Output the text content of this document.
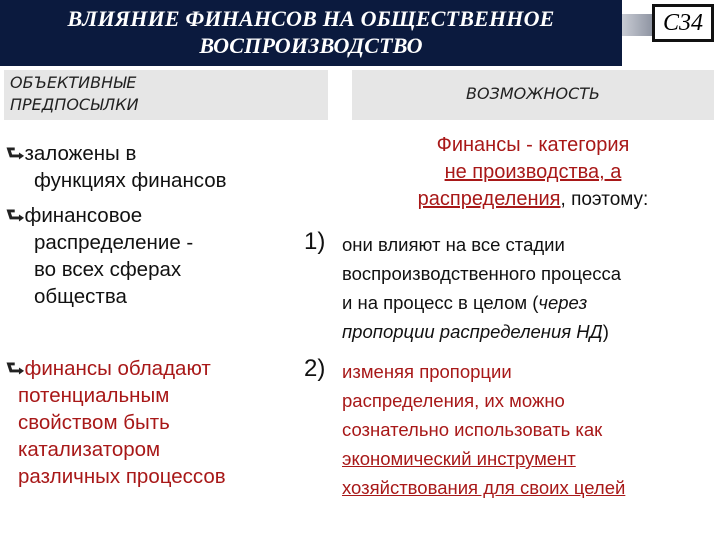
ВЛИЯНИЕ ФИНАНСОВ НА ОБЩЕСТВЕННОЕ
ВОСПРОИЗВОДСТВО
С34
ОБЪЕКТИВНЫЕ
ПРЕДПОСЫЛКИ
ВОЗМОЖНОСТЬ
⮑заложены в
функциях финансов
⮑финансовое
распределение -
во всех сферах
общества
⮑финансы обладают
потенциальным
свойством быть
катализатором
различных процессов
Финансы - категория
не производства, а
распределения, поэтому:
1) они влияют на все стадии
воспроизводственного процесса
и на процесс в целом (через
пропорции распределения НД)
2) изменяя пропорции
распределения, их можно
сознательно использовать как
экономический инструмент
хозяйствования для своих целей
